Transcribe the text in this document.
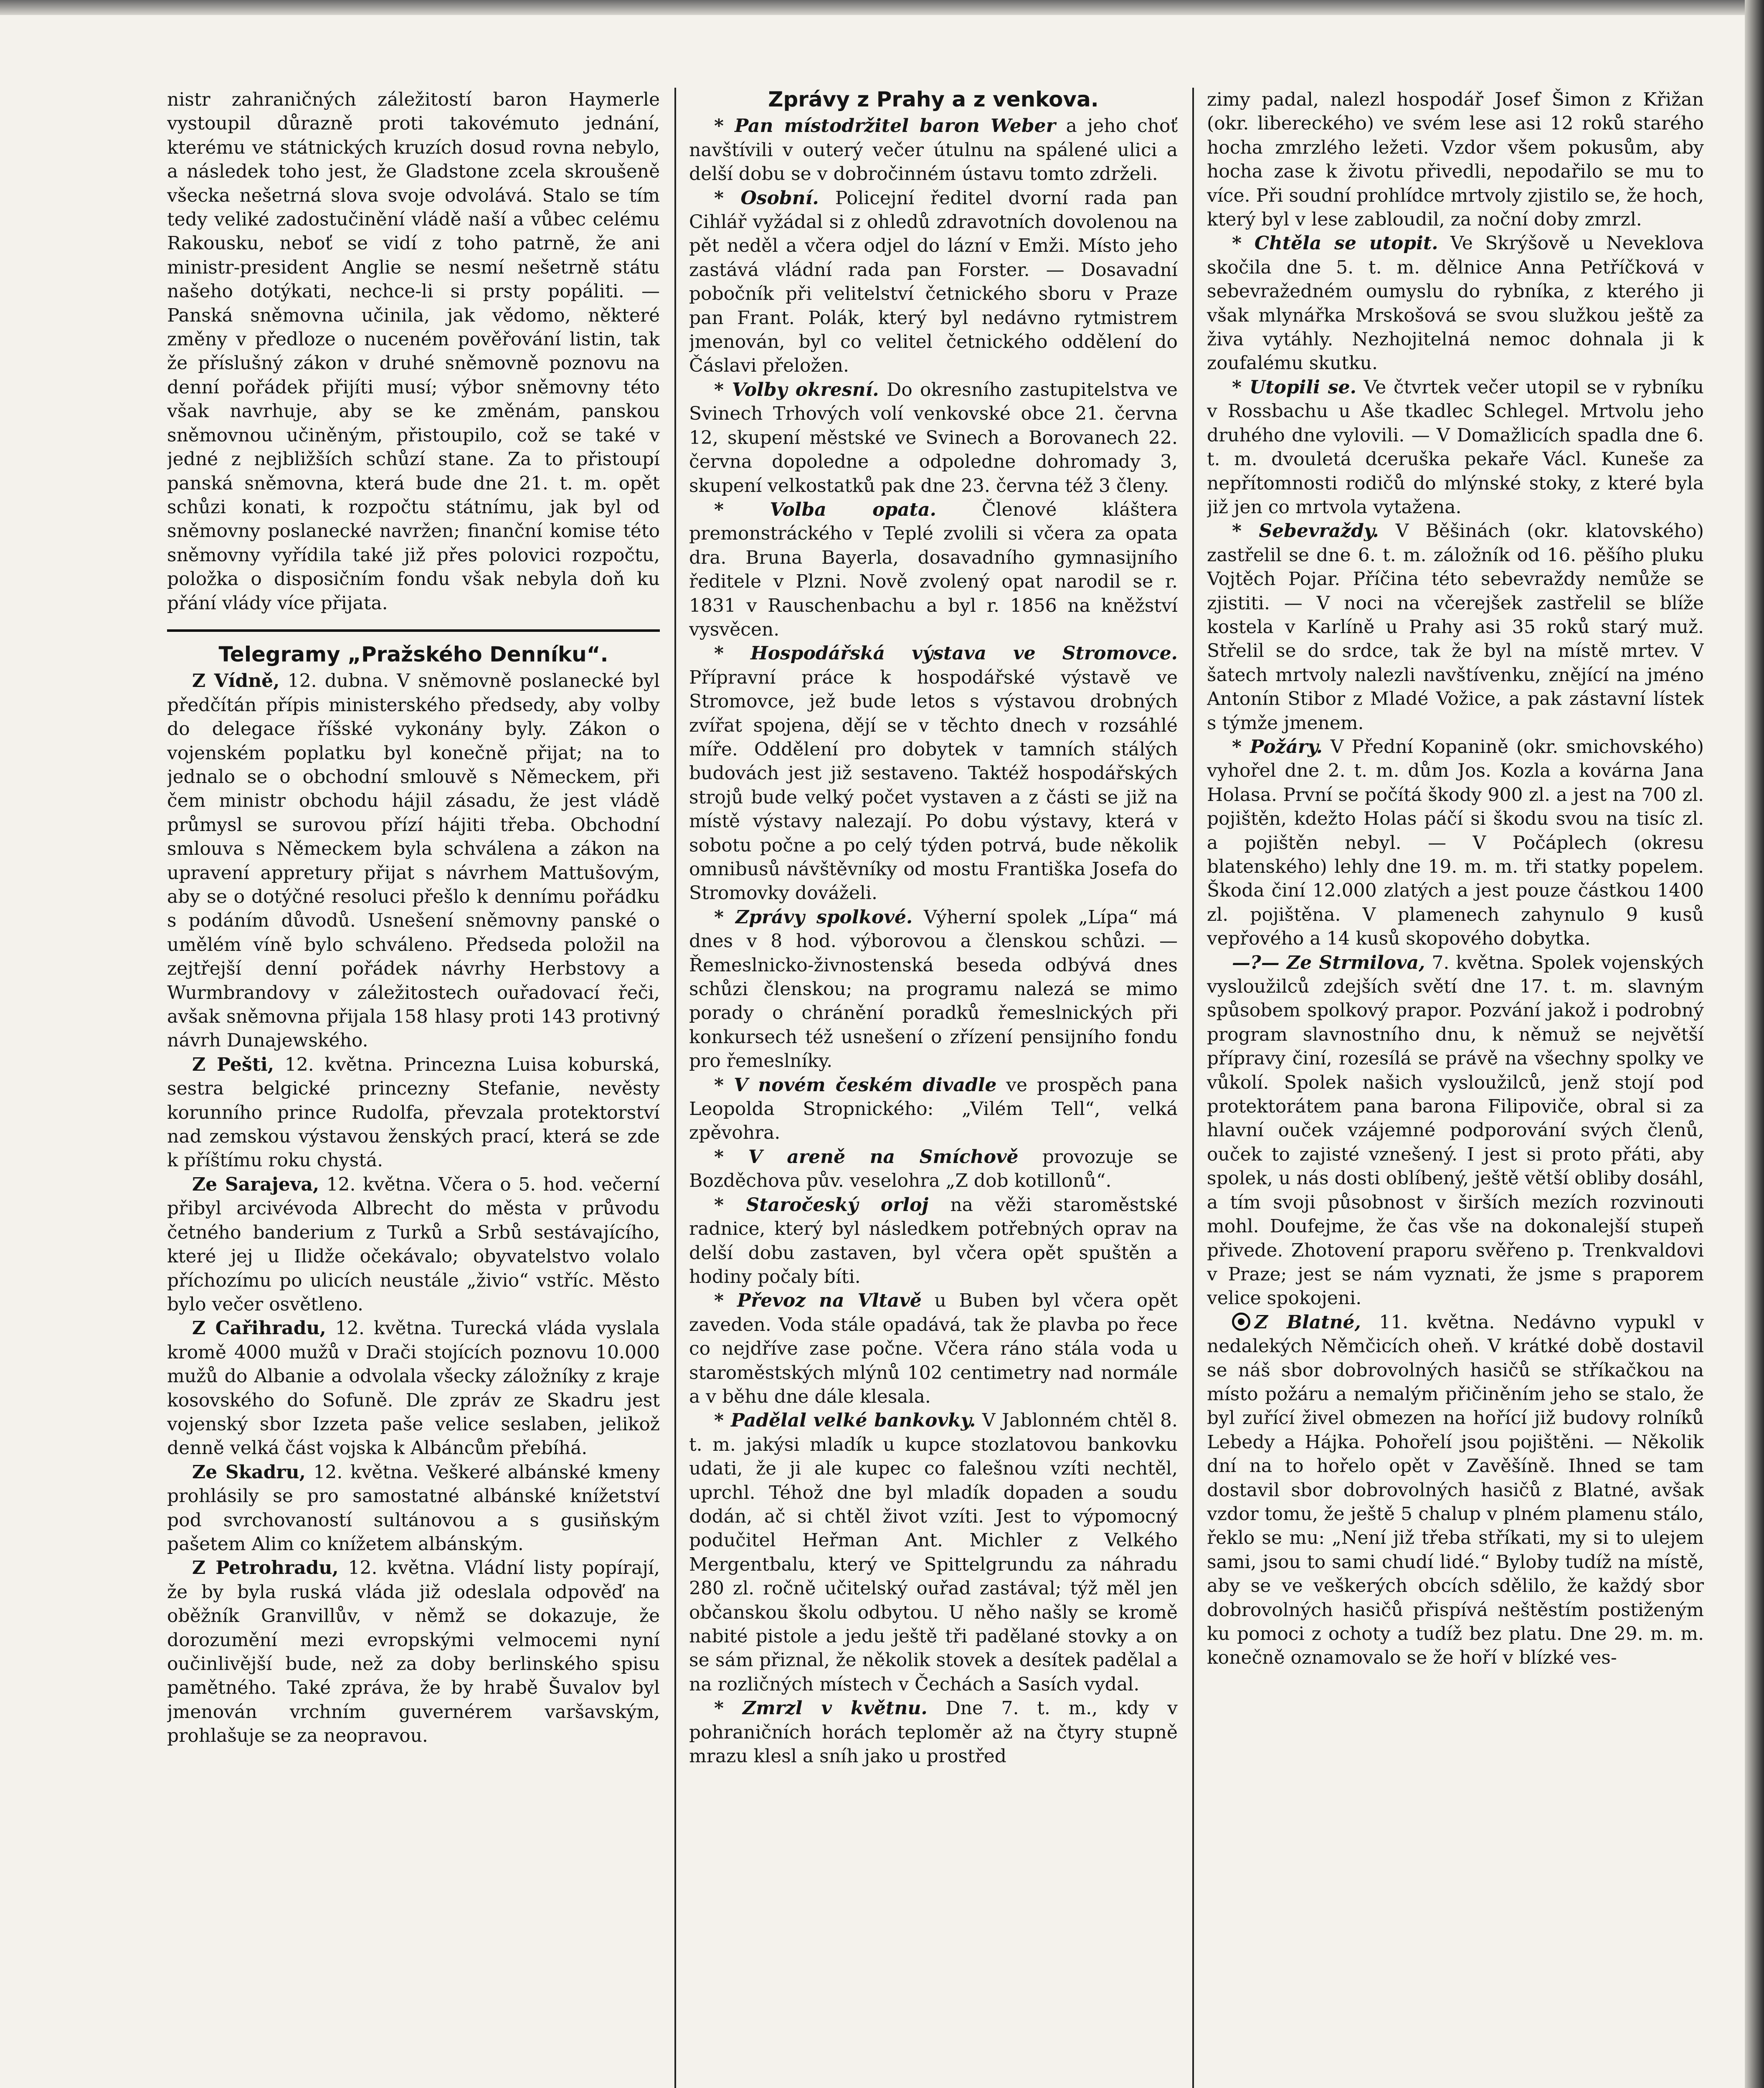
nistr zahraničných záležitostí baron Haymerle vystoupil důrazně proti takovémuto jednání, kterému ve státnických kruzích dosud rovna nebylo, a následek toho jest, že Gladstone zcela skroušeně všecka nešetrná slova svoje odvolává. Stalo se tím tedy veliké zadostučinění vládě naší a vůbec celému Rakousku, neboť se vidí z toho patrně, že ani ministr-president Anglie se nesmí nešetrně státu našeho dotýkati, nechce-li si prsty popáliti. — Panská sněmovna učinila, jak vědomo, některé změny v předloze o nuceném pověřování listin, tak že příslušný zákon v druhé sněmovně poznovu na denní pořádek přijíti musí; výbor sněmovny této však navrhuje, aby se ke změnám, panskou sněmovnou učiněným, přistoupilo, což se také v jedné z nejbližších schůzí stane. Za to přistoupí panská sněmovna, která bude dne 21. t. m. opět schůzi konati, k rozpočtu státnímu, jak byl od sněmovny poslanecké navržen; finanční komise této sněmovny vyřídila také již přes polovici rozpočtu, položka o disposičním fondu však nebyla doň ku přání vlády více přijata.

Telegramy „Pražského Denníku“.

Z Vídně, 12. dubna. V sněmovně poslanecké byl předčítán přípis ministerského předsedy, aby volby do delegace říšské vykonány byly. Zákon o vojenském poplatku byl konečně přijat; na to jednalo se o obchodní smlouvě s Německem, při čem ministr obchodu hájil zásadu, že jest vládě průmysl se surovou přízí hájiti třeba. Obchodní smlouva s Německem byla schválena a zákon na upravení appretury přijat s návrhem Mattušovým, aby se o dotýčné resoluci přešlo k dennímu pořádku s podáním důvodů. Usnešení sněmovny panské o umělém víně bylo schváleno. Předseda položil na zejtřejší denní pořádek návrhy Herbstovy a Wurmbrandovy v záležitostech ouřadovací řeči, avšak sněmovna přijala 158 hlasy proti 143 protivný návrh Dunajewského.

Z Pešti, 12. května. Princezna Luisa koburská, sestra belgické princezny Stefanie, nevěsty korunního prince Rudolfa, převzala protektorství nad zemskou výstavou ženských prací, která se zde k příštímu roku chystá.

Ze Sarajeva, 12. května. Včera o 5. hod. večerní přibyl arcivévoda Albrecht do města v průvodu četného banderium z Turků a Srbů sestávajícího, které jej u Ilidže očekávalo; obyvatelstvo volalo příchozímu po ulicích neustále „živio“ vstříc. Město bylo večer osvětleno.

Z Cařihradu, 12. května. Turecká vláda vyslala kromě 4000 mužů v Drači stojících poznovu 10.000 mužů do Albanie a odvolala všecky záložníky z kraje kosovského do Sofuně. Dle zpráv ze Skadru jest vojenský sbor Izzeta paše velice seslaben, jelikož denně velká část vojska k Albáncům přebíhá.

Ze Skadru, 12. května. Veškeré albánské kmeny prohlásily se pro samostatné albánské knížetství pod svrchovaností sultánovou a s gusiňským pašetem Alim co knížetem albánským.

Z Petrohradu, 12. května. Vládní listy popírají, že by byla ruská vláda již odeslala odpověď na oběžník Granvillův, v němž se dokazuje, že dorozumění mezi evropskými velmocemi nyní oučinlivější bude, než za doby berlinského spisu pamětného. Také zpráva, že by hrabě Šuvalov byl jmenován vrchním guvernérem varšavským, prohlašuje se za neopravou.

Zprávy z Prahy a z venkova.

* Pan místodržitel baron Weber a jeho choť navštívili v outerý večer útulnu na spálené ulici a delší dobu se v dobročinném ústavu tomto zdrželi.

* Osobní. Policejní ředitel dvorní rada pan Cihlář vyžádal si z ohledů zdravotních dovolenou na pět neděl a včera odjel do lázní v Emži. Místo jeho zastává vládní rada pan Forster. — Dosavadní pobočník při velitelství četnického sboru v Praze pan Frant. Polák, který byl nedávno rytmistrem jmenován, byl co velitel četnického oddělení do Čáslavi přeložen.

* Volby okresní. Do okresního zastupitelstva ve Svinech Trhových volí venkovské obce 21. června 12, skupení městské ve Svinech a Borovanech 22. června dopoledne a odpoledne dohromady 3, skupení velkostatků pak dne 23. června též 3 členy.

* Volba opata. Členové kláštera premonstráckého v Teplé zvolili si včera za opata dra. Bruna Bayerla, dosavadního gymnasijního ředitele v Plzni. Nově zvolený opat narodil se r. 1831 v Rauschenbachu a byl r. 1856 na kněžství vysvěcen.

* Hospodářská výstava ve Stromovce. Přípravní práce k hospodářské výstavě ve Stromovce, jež bude letos s výstavou drobných zvířat spojena, dějí se v těchto dnech v rozsáhlé míře. Oddělení pro dobytek v tamních stálých budovách jest již sestaveno. Taktéž hospodářských strojů bude velký počet vystaven a z části se již na místě výstavy nalezají. Po dobu výstavy, která v sobotu počne a po celý týden potrvá, bude několik omnibusů návštěvníky od mostu Františka Josefa do Stromovky dováželi.

* Zprávy spolkové. Výherní spolek „Lípa“ má dnes v 8 hod. výborovou a členskou schůzi. — Řemeslnicko-živnostenská beseda odbývá dnes schůzi členskou; na programu nalezá se mimo porady o chránění poradků řemeslnických při konkursech též usnešení o zřízení pensijního fondu pro řemeslníky.

* V novém českém divadle ve prospěch pana Leopolda Stropnického: „Vilém Tell“, velká zpěvohra.

* V areně na Smíchově provozuje se Bozděchova pův. veselohra „Z dob kotillonů“.

* Staročeský orloj na věži staroměstské radnice, který byl následkem potřebných oprav na delší dobu zastaven, byl včera opět spuštěn a hodiny počaly bíti.

* Převoz na Vltavě u Buben byl včera opět zaveden. Voda stále opadává, tak že plavba po řece co nejdříve zase počne. Včera ráno stála voda u staroměstských mlýnů 102 centimetry nad normále a v běhu dne dále klesala.

* Padělal velké bankovky. V Jablonném chtěl 8. t. m. jakýsi mladík u kupce stozlatovou bankovku udati, že ji ale kupec co falešnou vzíti nechtěl, uprchl. Téhož dne byl mladík dopaden a soudu dodán, ač si chtěl život vzíti. Jest to výpomocný podučitel Heřman Ant. Michler z Velkého Mergentbalu, který ve Spittelgrundu za náhradu 280 zl. ročně učitelský ouřad zastával; týž měl jen občanskou školu odbytou. U něho našly se kromě nabité pistole a jedu ještě tři padělané stovky a on se sám přiznal, že několik stovek a desítek padělal a na rozličných místech v Čechách a Sasích vydal.

* Zmrzl v květnu. Dne 7. t. m., kdy v pohraničních horách teploměr až na čtyry stupně mrazu klesl a sníh jako u prostřed

zimy padal, nalezl hospodář Josef Šimon z Křižan (okr. libereckého) ve svém lese asi 12 roků starého hocha zmrzlého ležeti. Vzdor všem pokusům, aby hocha zase k životu přivedli, nepodařilo se mu to více. Při soudní prohlídce mrtvoly zjistilo se, že hoch, který byl v lese zabloudil, za noční doby zmrzl.

* Chtěla se utopit. Ve Skrýšově u Neveklova skočila dne 5. t. m. dělnice Anna Petříčková v sebevražedném oumyslu do rybníka, z kterého ji však mlynářka Mrskošová se svou služkou ještě za živa vytáhly. Nezhojitelná nemoc dohnala ji k zoufalému skutku.

* Utopili se. Ve čtvrtek večer utopil se v rybníku v Rossbachu u Aše tkadlec Schlegel. Mrtvolu jeho druhého dne vylovili. — V Domažlicích spadla dne 6. t. m. dvouletá dceruška pekaře Václ. Kuneše za nepřítomnosti rodičů do mlýnské stoky, z které byla již jen co mrtvola vytažena.

* Sebevraždy. V Běšinách (okr. klatovského) zastřelil se dne 6. t. m. záložník od 16. pěšího pluku Vojtěch Pojar. Příčina této sebevraždy nemůže se zjistiti. — V noci na včerejšek zastřelil se blíže kostela v Karlíně u Prahy asi 35 roků starý muž. Střelil se do srdce, tak že byl na místě mrtev. V šatech mrtvoly nalezli navštívenku, znějící na jméno Antonín Stibor z Mladé Vožice, a pak zástavní lístek s týmže jmenem.

* Požáry. V Přední Kopanině (okr. smichovského) vyhořel dne 2. t. m. dům Jos. Kozla a kovárna Jana Holasa. První se počítá škody 900 zl. a jest na 700 zl. pojištěn, kdežto Holas páčí si škodu svou na tisíc zl. a pojištěn nebyl. — V Počáplech (okresu blatenského) lehly dne 19. m. m. tři statky popelem. Škoda činí 12.000 zlatých a jest pouze částkou 1400 zl. pojištěna. V plamenech zahynulo 9 kusů vepřového a 14 kusů skopového dobytka.

—?— Ze Strmilova, 7. května. Spolek vojenských vysloužilců zdejších světí dne 17. t. m. slavným spůsobem spolkový prapor. Pozvání jakož i podrobný program slavnostního dnu, k němuž se největší přípravy činí, rozesílá se právě na všechny spolky ve vůkolí. Spolek našich vysloužilců, jenž stojí pod protektorátem pana barona Filipoviče, obral si za hlavní ouček vzájemné podporování svých členů, ouček to zajisté vznešený. I jest si proto přáti, aby spolek, u nás dosti oblíbený, ještě větší obliby dosáhl, a tím svoji působnost v širších mezích rozvinouti mohl. Doufejme, že čas vše na dokonalejší stupeň přivede. Zhotovení praporu svěřeno p. Trenkvaldovi v Praze; jest se nám vyznati, že jsme s praporem velice spokojeni.

Z Blatné, 11. května. Nedávno vypukl v nedalekých Němčicích oheň. V krátké době dostavil se náš sbor dobrovolných hasičů se stříkačkou na místo požáru a nemalým přičiněním jeho se stalo, že byl zuřící živel obmezen na hořící již budovy rolníků Lebedy a Hájka. Pohořelí jsou pojištěni. — Několik dní na to hořelo opět v Zavěšíně. Ihned se tam dostavil sbor dobrovolných hasičů z Blatné, avšak vzdor tomu, že ještě 5 chalup v plném plamenu stálo, řeklo se mu: „Není již třeba stříkati, my si to ulejem sami, jsou to sami chudí lidé.“ Byloby tudíž na místě, aby se ve veškerých obcích sdělilo, že každý sbor dobrovolných hasičů přispívá neštěstím postiženým ku pomoci z ochoty a tudíž bez platu. Dne 29. m. m. konečně oznamovalo se že hoří v blízké ves-
